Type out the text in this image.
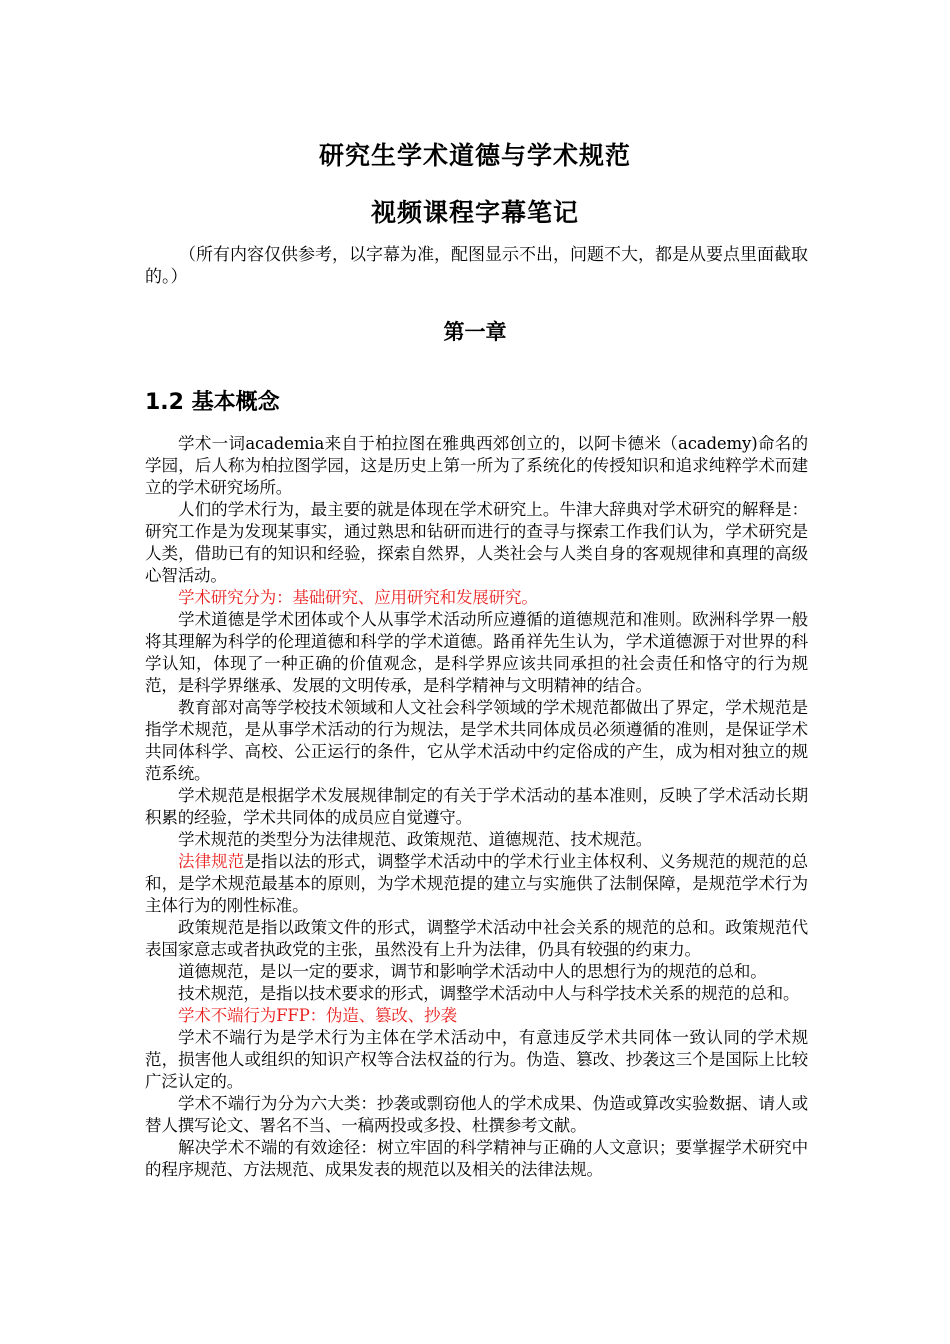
研究生学术道德与学术规范
视频课程字幕笔记
（所有内容仅供参考，以字幕为准，配图显示不出，问题不大，都是从要点里面截取的。）
第一章
1.2 基本概念

学术一词academia来自于柏拉图在雅典西郊创立的，以阿卡德米（academy)命名的学园，后人称为柏拉图学园，这是历史上第一所为了系统化的传授知识和追求纯粹学术而建立的学术研究场所。

人们的学术行为，最主要的就是体现在学术研究上。牛津大辞典对学术研究的解释是：研究工作是为发现某事实，通过熟思和钻研而进行的查寻与探索工作我们认为，学术研究是人类，借助已有的知识和经验，探索自然界，人类社会与人类自身的客观规律和真理的高级心智活动。

学术研究分为：基础研究、应用研究和发展研究。

学术道德是学术团体或个人从事学术活动所应遵循的道德规范和准则。欧洲科学界一般将其理解为科学的伦理道德和科学的学术道德。路甬祥先生认为，学术道德源于对世界的科学认知，体现了一种正确的价值观念，是科学界应该共同承担的社会责任和恪守的行为规范，是科学界继承、发展的文明传承，是科学精神与文明精神的结合。

教育部对高等学校技术领域和人文社会科学领域的学术规范都做出了界定，学术规范是指学术规范，是从事学术活动的行为规法，是学术共同体成员必须遵循的准则，是保证学术共同体科学、高校、公正运行的条件，它从学术活动中约定俗成的产生，成为相对独立的规范系统。

学术规范是根据学术发展规律制定的有关于学术活动的基本准则，反映了学术活动长期积累的经验，学术共同体的成员应自觉遵守。

学术规范的类型分为法律规范、政策规范、道德规范、技术规范。

法律规范是指以法的形式，调整学术活动中的学术行业主体权利、义务规范的规范的总和，是学术规范最基本的原则，为学术规范提的建立与实施供了法制保障，是规范学术行为主体行为的刚性标准。

政策规范是指以政策文件的形式，调整学术活动中社会关系的规范的总和。政策规范代表国家意志或者执政党的主张，虽然没有上升为法律，仍具有较强的约束力。

道德规范，是以一定的要求，调节和影响学术活动中人的思想行为的规范的总和。

技术规范，是指以技术要求的形式，调整学术活动中人与科学技术关系的规范的总和。

学术不端行为FFP：伪造、篡改、抄袭

学术不端行为是学术行为主体在学术活动中，有意违反学术共同体一致认同的学术规范，损害他人或组织的知识产权等合法权益的行为。伪造、篡改、抄袭这三个是国际上比较广泛认定的。

学术不端行为分为六大类：抄袭或剽窃他人的学术成果、伪造或算改实验数据、请人或替人撰写论文、署名不当、一稿两投或多投、杜撰参考文献。

解决学术不端的有效途径：树立牢固的科学精神与正确的人文意识；要掌握学术研究中的程序规范、方法规范、成果发表的规范以及相关的法律法规。
